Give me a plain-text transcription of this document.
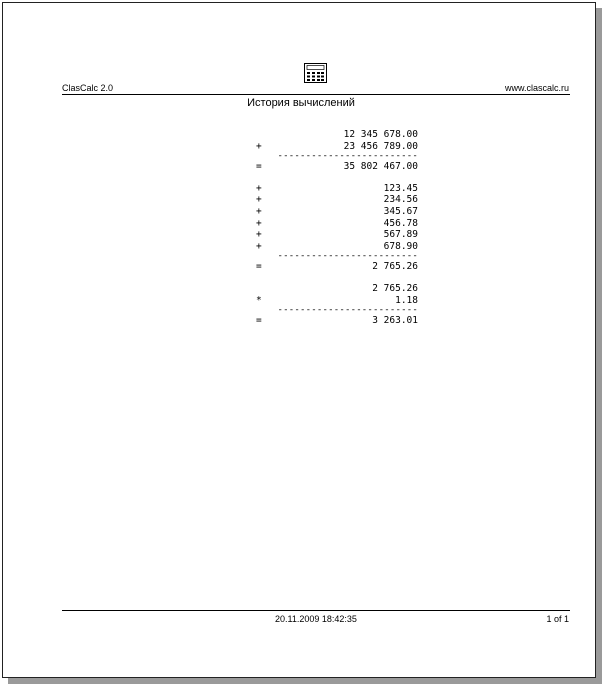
ClasCalc 2.0	www.clascalc.ru
История вычислений
12 345 678.00
+	23 456 789.00
-------------------------
=	35 802 467.00
+	123.45
+	234.56
+	345.67
+	456.78
+	567.89
+	678.90
-------------------------
=	2 765.26
2 765.26
*	1.18
-------------------------
=	3 263.01
20.11.2009 18:42:35	1 of 1
